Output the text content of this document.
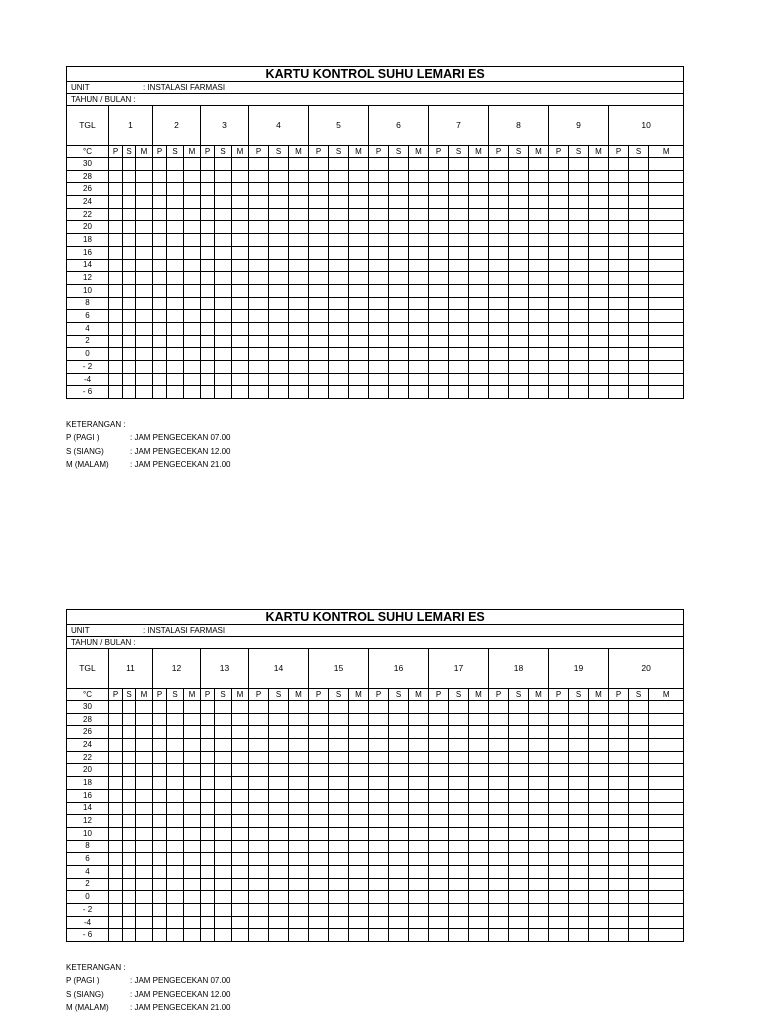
KARTU KONTROL SUHU LEMARI ES																														
UNIT : INSTALASI FARMASI																														
TAHUN / BULAN :																														
TGL	1			2			3			4			5			6			7			8			9			10		
°C	P	S	M	P	S	M	P	S	M	P	S	M	P	S	M	P	S	M	P	S	M	P	S	M	P	S	M	P	S	M
30																														
28																														
26																														
24																														
22																														
20																														
18																														
16																														
14																														
12																														
10																														
8																														
6																														
4																														
2																														
0																														
- 2																														
-4																														
- 6																														
KETERANGAN :
P (PAGI )	: JAM PENGECEKAN 07.00
S (SIANG)	: JAM PENGECEKAN 12.00
M (MALAM)	: JAM PENGECEKAN 21.00
KARTU KONTROL SUHU LEMARI ES																														
UNIT : INSTALASI FARMASI																														
TAHUN / BULAN :																														
TGL	11			12			13			14			15			16			17			18			19			20		
°C	P	S	M	P	S	M	P	S	M	P	S	M	P	S	M	P	S	M	P	S	M	P	S	M	P	S	M	P	S	M
30																														
28																														
26																														
24																														
22																														
20																														
18																														
16																														
14																														
12																														
10																														
8																														
6																														
4																														
2																														
0																														
- 2																														
-4																														
- 6																														
KETERANGAN :
P (PAGI )	: JAM PENGECEKAN 07.00
S (SIANG)	: JAM PENGECEKAN 12.00
M (MALAM)	: JAM PENGECEKAN 21.00
